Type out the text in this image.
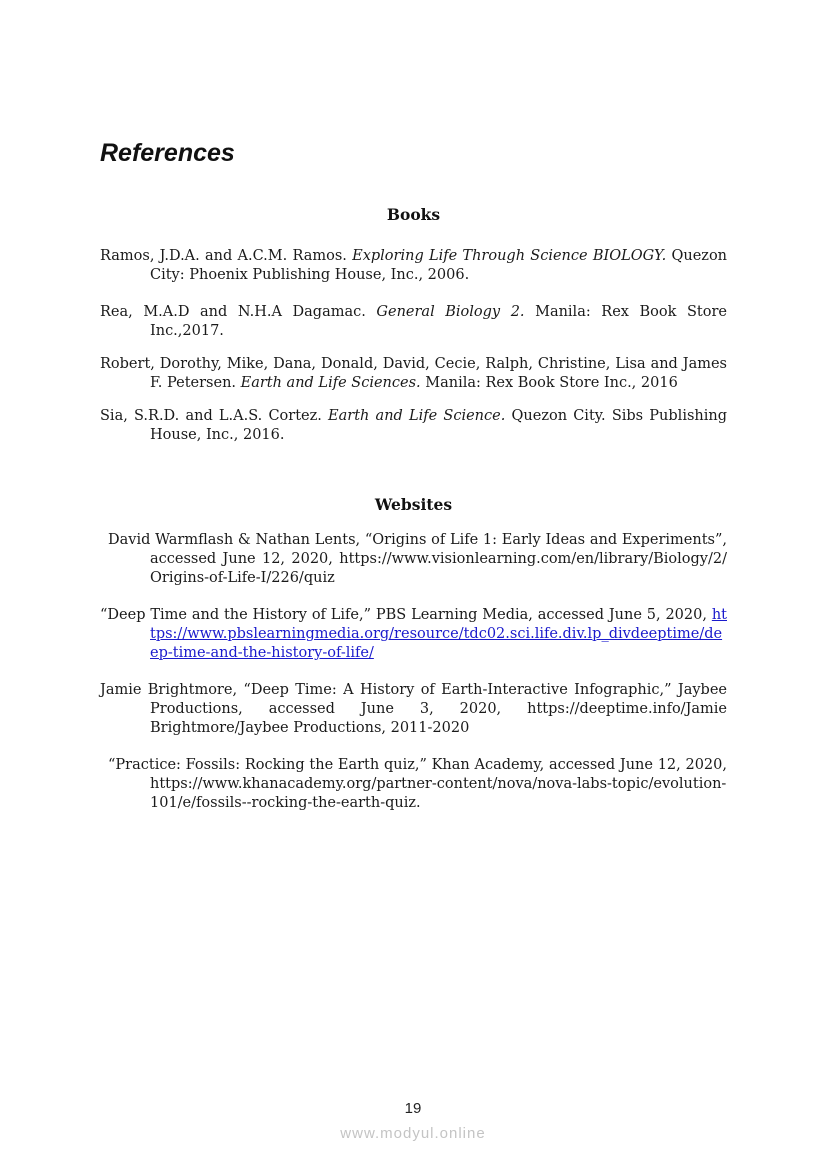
References
Books
Ramos, J.D.A. and A.C.M. Ramos. Exploring Life Through Science BIOLOGY. Quezon City: Phoenix Publishing House, Inc., 2006.
Rea, M.A.D and N.H.A Dagamac. General Biology 2. Manila: Rex Book Store Inc.,2017.
Robert, Dorothy, Mike, Dana, Donald, David, Cecie, Ralph, Christine, Lisa and James F. Petersen. Earth and Life Sciences. Manila: Rex Book Store Inc., 2016
Sia, S.R.D. and L.A.S. Cortez. Earth and Life Science. Quezon City. Sibs Publishing House, Inc., 2016.
Websites
David Warmflash & Nathan Lents, “Origins of Life 1: Early Ideas and Experiments”, accessed June 12, 2020, https://www.visionlearning.com/en/library/Biology/2/Origins-of-Life-I/226/quiz
“Deep Time and the History of Life,” PBS Learning Media, accessed June 5, 2020, https://www.pbslearningmedia.org/resource/tdc02.sci.life.div.lp_divdeeptime/deep-time-and-the-history-of-life/
Jamie Brightmore, “Deep Time: A History of Earth-Interactive Infographic,” Jaybee Productions, accessed June 3, 2020, https://deeptime.info/Jamie Brightmore/Jaybee Productions, 2011-2020
“Practice: Fossils: Rocking the Earth quiz,” Khan Academy, accessed June 12, 2020, https://www.khanacademy.org/partner-content/nova/nova-labs-topic/evolution-101/e/fossils--rocking-the-earth-quiz.
19
www.modyul.online
